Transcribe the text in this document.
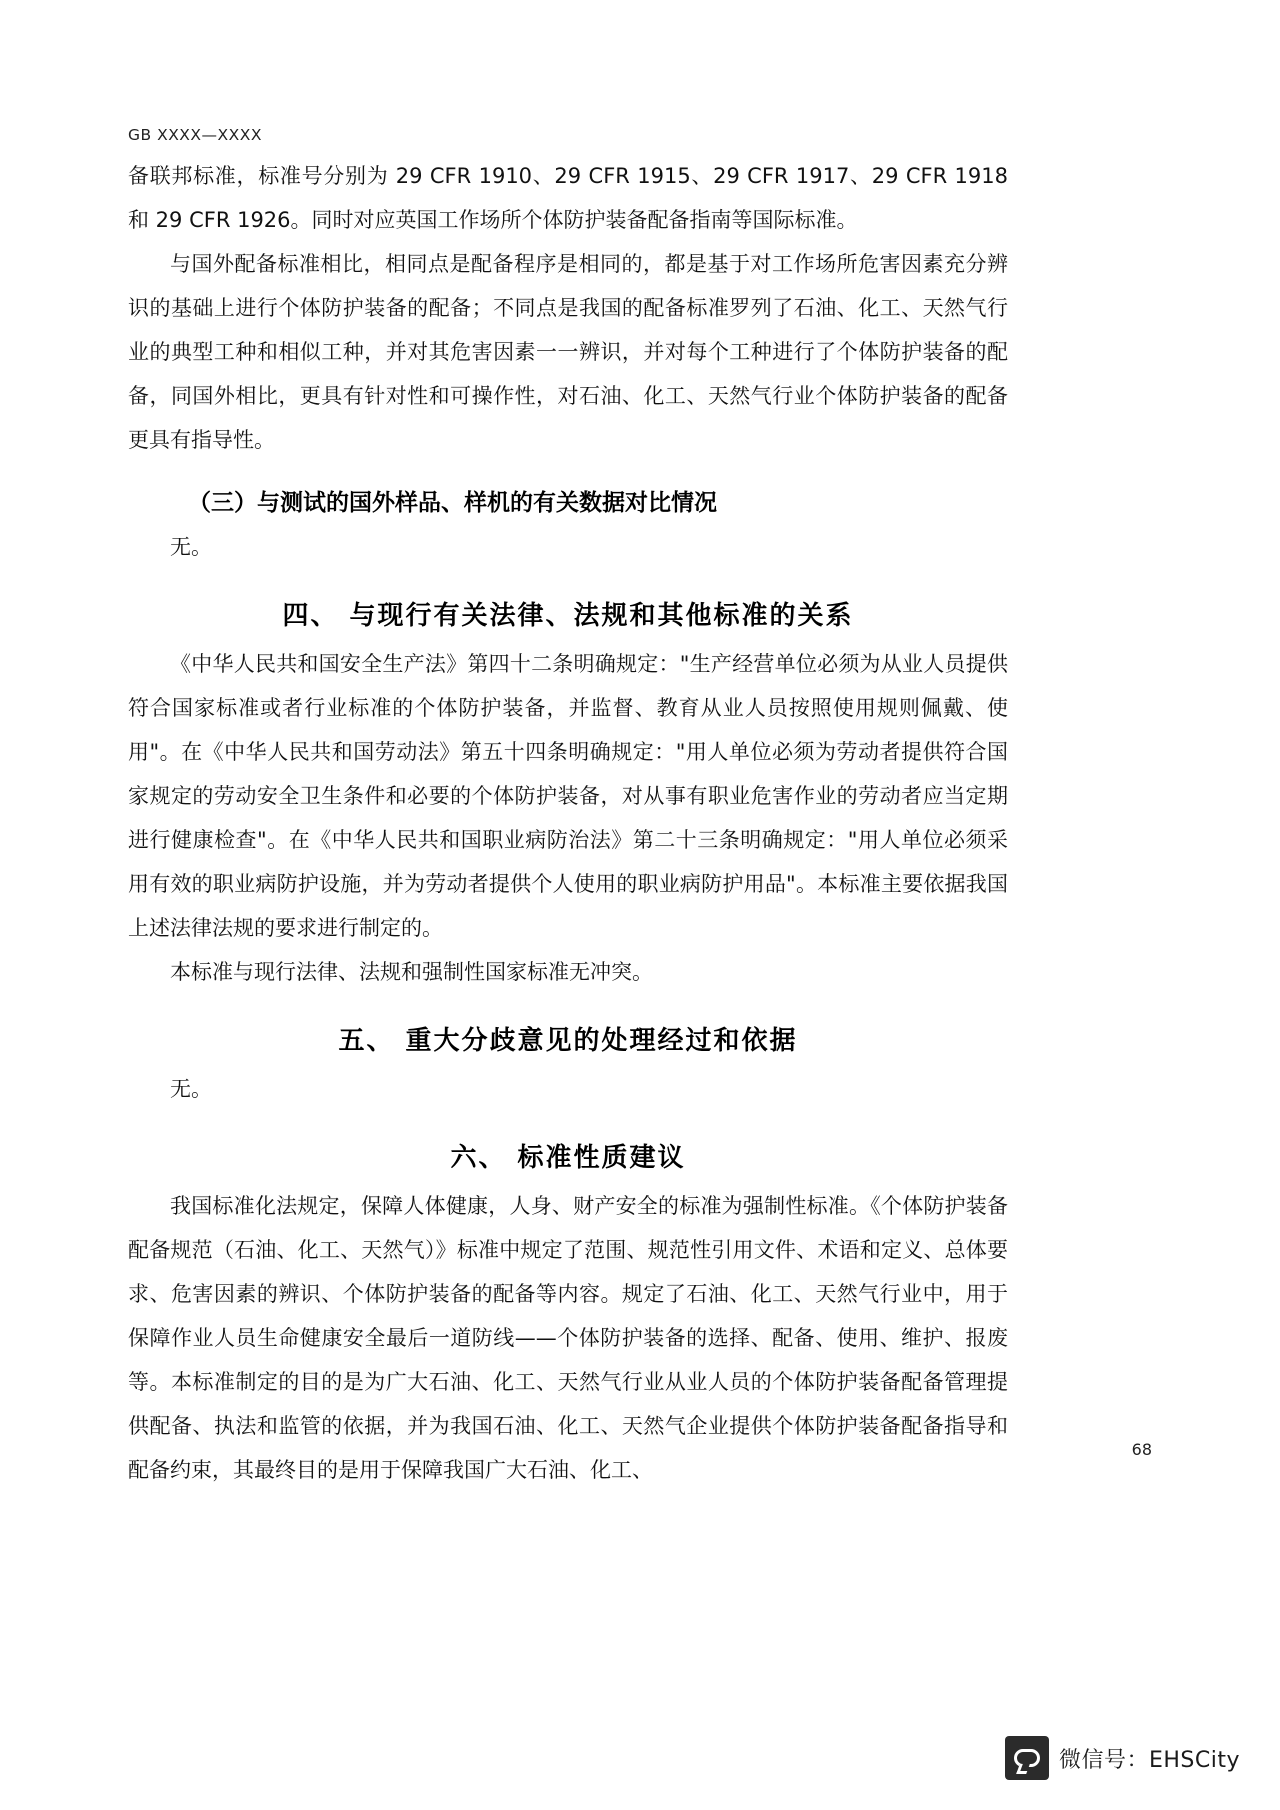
GB XXXX—XXXX

备联邦标准，标准号分别为 29 CFR 1910、29 CFR 1915、29 CFR 1917、29 CFR 1918 和 29 CFR 1926。同时对应英国工作场所个体防护装备配备指南等国际标准。

与国外配备标准相比，相同点是配备程序是相同的，都是基于对工作场所危害因素充分辨识的基础上进行个体防护装备的配备；不同点是我国的配备标准罗列了石油、化工、天然气行业的典型工种和相似工种，并对其危害因素一一辨识，并对每个工种进行了个体防护装备的配备，同国外相比，更具有针对性和可操作性，对石油、化工、天然气行业个体防护装备的配备更具有指导性。

（三）与测试的国外样品、样机的有关数据对比情况

无。

四、 与现行有关法律、法规和其他标准的关系

《中华人民共和国安全生产法》第四十二条明确规定："生产经营单位必须为从业人员提供符合国家标准或者行业标准的个体防护装备，并监督、教育从业人员按照使用规则佩戴、使用"。在《中华人民共和国劳动法》第五十四条明确规定："用人单位必须为劳动者提供符合国家规定的劳动安全卫生条件和必要的个体防护装备，对从事有职业危害作业的劳动者应当定期进行健康检查"。在《中华人民共和国职业病防治法》第二十三条明确规定："用人单位必须采用有效的职业病防护设施，并为劳动者提供个人使用的职业病防护用品"。本标准主要依据我国上述法律法规的要求进行制定的。

本标准与现行法律、法规和强制性国家标准无冲突。

五、 重大分歧意见的处理经过和依据

无。

六、 标准性质建议

我国标准化法规定，保障人体健康，人身、财产安全的标准为强制性标准。《个体防护装备配备规范（石油、化工、天然气）》标准中规定了范围、规范性引用文件、术语和定义、总体要求、危害因素的辨识、个体防护装备的配备等内容。规定了石油、化工、天然气行业中，用于保障作业人员生命健康安全最后一道防线——个体防护装备的选择、配备、使用、维护、报废等。本标准制定的目的是为广大石油、化工、天然气行业从业人员的个体防护装备配备管理提供配备、执法和监管的依据，并为我国石油、化工、天然气企业提供个体防护装备配备指导和配备约束，其最终目的是用于保障我国广大石油、化工、

68
微信号：EHSCity
